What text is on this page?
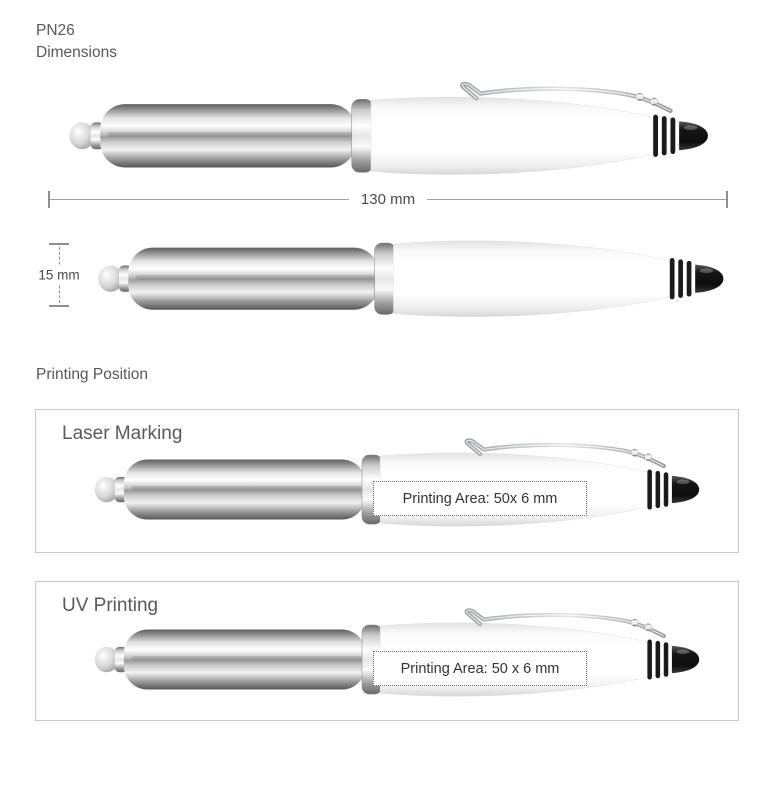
PN26
Dimensions
130 mm
15 mm
Printing Position
Laser Marking
Printing Area: 50x 6 mm
UV Printing
Printing Area: 50 x 6 mm
